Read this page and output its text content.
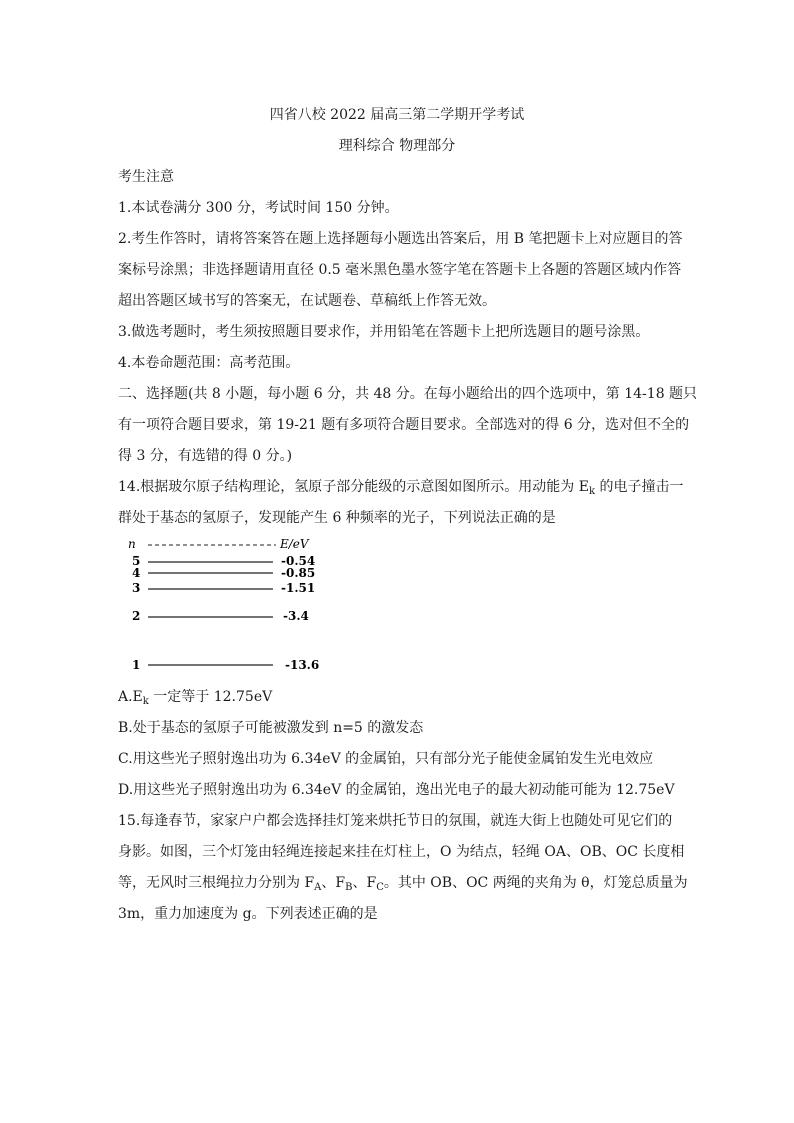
四省八校 2022 届高三第二学期开学考试
理科综合 物理部分
考生注意
1.本试卷满分 300 分，考试时间 150 分钟。
2.考生作答时，请将答案答在题上选择题每小题选出答案后，用 B 笔把题卡上对应题目的答
案标号涂黑；非选择题请用直径 0.5 毫米黑色墨水签字笔在答题卡上各题的答题区域内作答
超出答题区域书写的答案无，在试题卷、草稿纸上作答无效。
3.做选考题时，考生须按照题目要求作，并用铅笔在答题卡上把所选题目的题号涂黑。
4.本卷命题范围：高考范围。
二、选择题(共 8 小题，每小题 6 分，共 48 分。在每小题给出的四个选项中，第 14-18 题只
有一项符合题目要求，第 19-21 题有多项符合题目要求。全部选对的得 6 分，选对但不全的
得 3 分，有选错的得 0 分。)
14.根据玻尔原子结构理论，氢原子部分能级的示意图如图所示。用动能为 $E_k$ 的电子撞击一
群处于基态的氢原子，发现能产生 6 种频率的光子，下列说法正确的是
n	E/eV
5	-0.54
4	-0.85
3	-1.51
2	-3.4
1	-13.6
$A.E_k$ 一定等于 12.75eV
B.处于基态的氢原子可能被激发到 n=5 的激发态
C.用这些光子照射逸出功为 6.34eV 的金属铂，只有部分光子能使金属铂发生光电效应
D.用这些光子照射逸出功为 6.34eV 的金属铂，逸出光电子的最大初动能可能为 12.75eV
15.每逢春节，家家户户都会选择挂灯笼来烘托节日的氛围，就连大街上也随处可见它们的
身影。如图，三个灯笼由轻绳连接起来挂在灯柱上，O 为结点，轻绳 OA、OB、OC 长度相
等，无风时三根绳拉力分别为 $F_A$、$F_B$、$F_C$。其中 OB、OC 两绳的夹角为 θ，灯笼总质量为
3m，重力加速度为 g。下列表述正确的是
